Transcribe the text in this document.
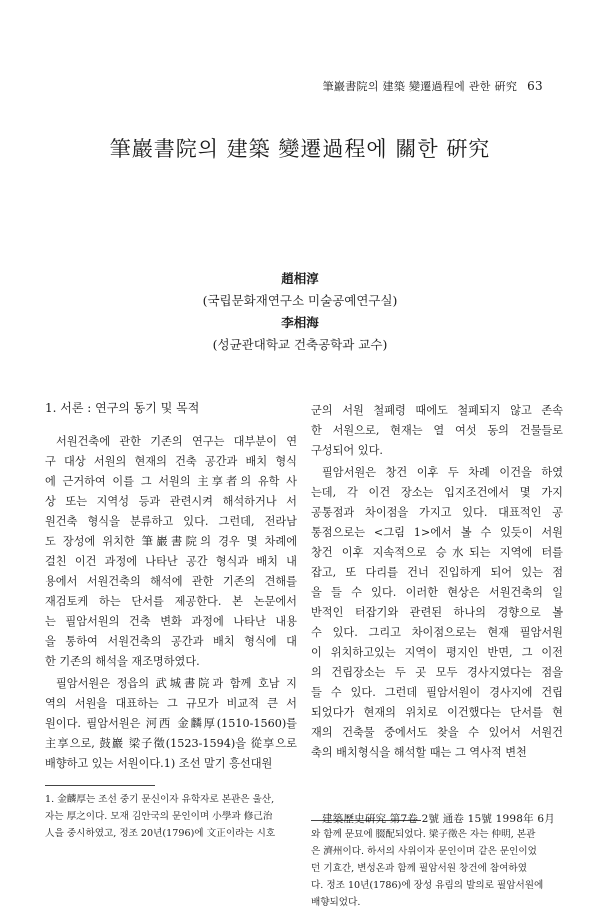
筆巖書院의 建築 變遷過程에 관한 硏究 63
筆巖書院의 建築 變遷過程에 關한 硏究
趙相淳
(국립문화재연구소 미술공예연구실)
李相海
(성균관대학교 건축공학과 교수)
1. 서론 : 연구의 동기 및 목적
서원건축에 관한 기존의 연구는 대부분이 연
구 대상 서원의 현재의 건축 공간과 배치 형식
에 근거하여 이를 그 서원의 主享者의 유학 사
상 또는 지역성 등과 관련시켜 해석하거나 서
원건축 형식을 분류하고 있다. 그런데, 전라남
도 장성에 위치한 筆巖書院의 경우 몇 차례에
걸친 이건 과정에 나타난 공간 형식과 배치 내
용에서 서원건축의 해석에 관한 기존의 견해를
재검토케 하는 단서를 제공한다. 본 논문에서
는 필암서원의 건축 변화 과정에 나타난 내용
을 통하여 서원건축의 공간과 배치 형식에 대
한 기존의 해석을 재조명하였다.
필암서원은 정읍의 武城書院과 함께 호남 지
역의 서원을 대표하는 그 규모가 비교적 큰 서
원이다. 필암서원은 河西 金麟厚(1510-1560)를
主享으로, 鼓巖 梁子徵(1523-1594)을 從享으로
배향하고 있는 서원이다.1) 조선 말기 흥선대원
군의 서원 철폐령 때에도 철폐되지 않고 존속
한 서원으로, 현재는 열 여섯 동의 건물들로
구성되어 있다.
필암서원은 창건 이후 두 차례 이건을 하였
는데, 각 이건 장소는 입지조건에서 몇 가지
공통점과 차이점을 가지고 있다. 대표적인 공
통점으로는 <그림 1>에서 볼 수 있듯이 서원
창건 이후 지속적으로 승水되는 지역에 터를
잡고, 또 다리를 건너 진입하게 되어 있는 점
을 들 수 있다. 이러한 현상은 서원건축의 일
반적인 터잡기와 관련된 하나의 경향으로 볼
수 있다. 그리고 차이점으로는 현재 필암서원
이 위치하고있는 지역이 평지인 반면, 그 이전
의 건립장소는 두 곳 모두 경사지였다는 점을
들 수 있다. 그런데 필암서원이 경사지에 건립
되었다가 현재의 위치로 이건했다는 단서를 현
재의 건축물 중에서도 찾을 수 있어서 서원건
축의 배치형식을 해석할 때는 그 역사적 변천
1. 金麟厚는 조선 중기 문신이자 유학자로 본관은 울산,
자는 厚之이다. 모재 김안국의 문인이며 小學과 修己治
人을 중시하였고, 정조 20년(1796)에 文正이라는 시호	와 함께 문묘에 腏配되었다. 梁子徵은 자는 仲明, 본관
은 濟州이다. 하서의 사위이자 문인이며 같은 문인이었
던 기효간, 변성온과 함께 필암서원 창건에 참여하였
다. 정조 10년(1786)에 장성 유림의 발의로 필암서원에
배향되었다.
建築歷史硏究 第7卷 2號 通卷 15號 1998年 6月
